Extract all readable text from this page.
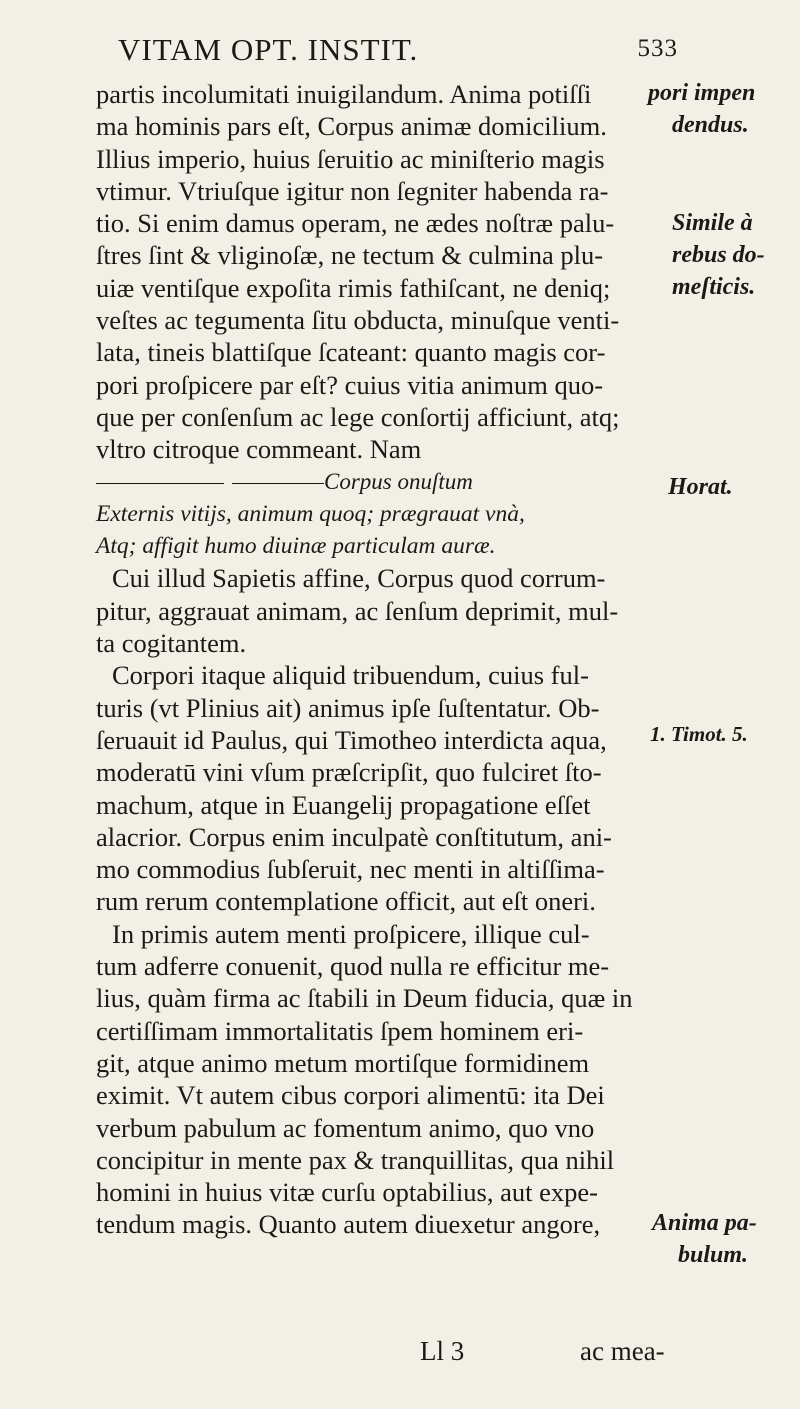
VITAM OPT. INSTIT.	533
partis incolumitati inuigilandum. Anima potiſſi
ma hominis pars eſt, Corpus animæ domicilium.
Illius imperio, huius ſeruitio ac miniſterio magis
vtimur. Vtriuſque igitur non ſegniter habenda ra-
tio. Si enim damus operam, ne ædes noſtræ palu-
ſtres ſint & vliginoſæ, ne tectum & culmina plu-
uiæ ventiſque expoſita rimis fathiſcant, ne deniq;
veſtes ac tegumenta ſitu obducta, minuſque venti-
lata, tineis blattiſque ſcateant: quanto magis cor-
pori proſpicere par eſt? cuius vitia animum quo-
que per conſenſum ac lege conſortij afficiunt, atq;
vltro citroque commeant. Nam
Corpus onuſtum
Externis vitijs, animum quoq; prægrauat vnà,
Atq; affigit humo diuinæ particulam auræ.
Cui illud Sapietis affine, Corpus quod corrum-
pitur, aggrauat animam, ac ſenſum deprimit, mul-
ta cogitantem.
Corpori itaque aliquid tribuendum, cuius ful-
turis (vt Plinius ait) animus ipſe ſuſtentatur. Ob-
ſeruauit id Paulus, qui Timotheo interdicta aqua,
moderatū vini vſum præſcripſit, quo fulciret ſto-
machum, atque in Euangelij propagatione eſſet
alacrior. Corpus enim inculpatè conſtitutum, ani-
mo commodius ſubſeruit, nec menti in altiſſima-
rum rerum contemplatione officit, aut eſt oneri.
In primis autem menti proſpicere, illique cul-
tum adferre conuenit, quod nulla re efficitur me-
lius, quàm firma ac ſtabili in Deum fiducia, quæ in
certiſſimam immortalitatis ſpem hominem eri-
git, atque animo metum mortiſque formidinem
eximit. Vt autem cibus corpori alimentū: ita Dei
verbum pabulum ac fomentum animo, quo vno
concipitur in mente pax & tranquillitas, qua nihil
homini in huius vitæ curſu optabilius, aut expe-
tendum magis. Quanto autem diuexetur angore,
pori impen
dendus.
Simile à
rebus do-
meſticis.
Horat.
1. Timot. 5.
Anima pa-
bulum.
Ll 3	ac mea-
